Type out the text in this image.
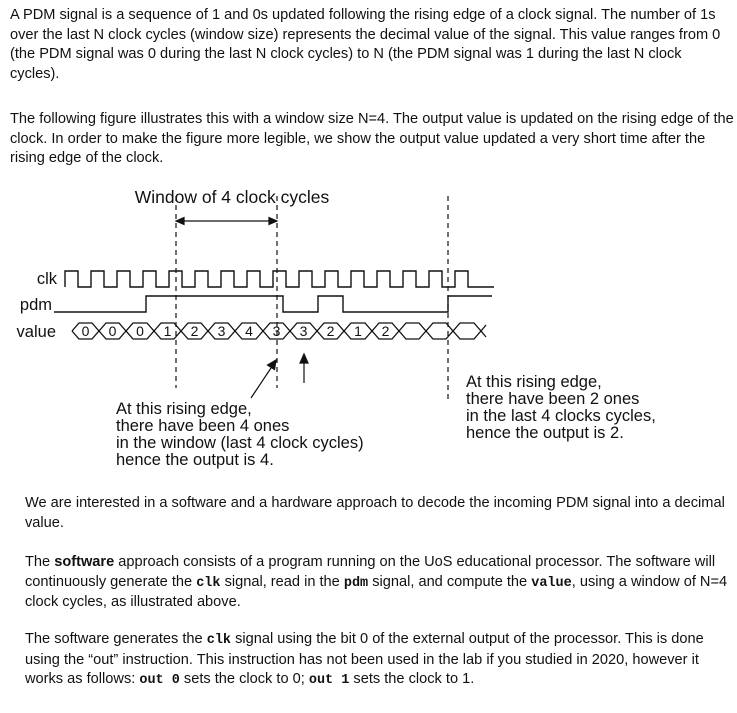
A PDM signal is a sequence of 1 and 0s updated following the rising edge of a clock signal. The number of 1s over the last N clock cycles (window size) represents the decimal value of the signal. This value ranges from 0 (the PDM signal was 0 during the last N clock cycles) to N (the PDM signal was 1 during the last N clock cycles).

The following figure illustrates this with a window size N=4. The output value is updated on the rising edge of the clock. In order to make the figure more legible, we show the output value updated a very short time after the rising edge of the clock.

Window of 4 clock cycles
clk
pdm
value 0 0 0 1 2 3 4 3 3 2 1 2
At this rising edge,
there have been 4 ones
in the window (last 4 clock cycles)
hence the output is 4.
At this rising edge,
there have been 2 ones
in the last 4 clocks cycles,
hence the output is 2.

We are interested in a software and a hardware approach to decode the incoming PDM signal into a decimal value.

The software approach consists of a program running on the UoS educational processor. The software will continuously generate the clk signal, read in the pdm signal, and compute the value, using a window of N=4 clock cycles, as illustrated above.

The software generates the clk signal using the bit 0 of the external output of the processor. This is done using the “out” instruction. This instruction has not been used in the lab if you studied in 2020, however it works as follows: out 0 sets the clock to 0; out 1 sets the clock to 1.
